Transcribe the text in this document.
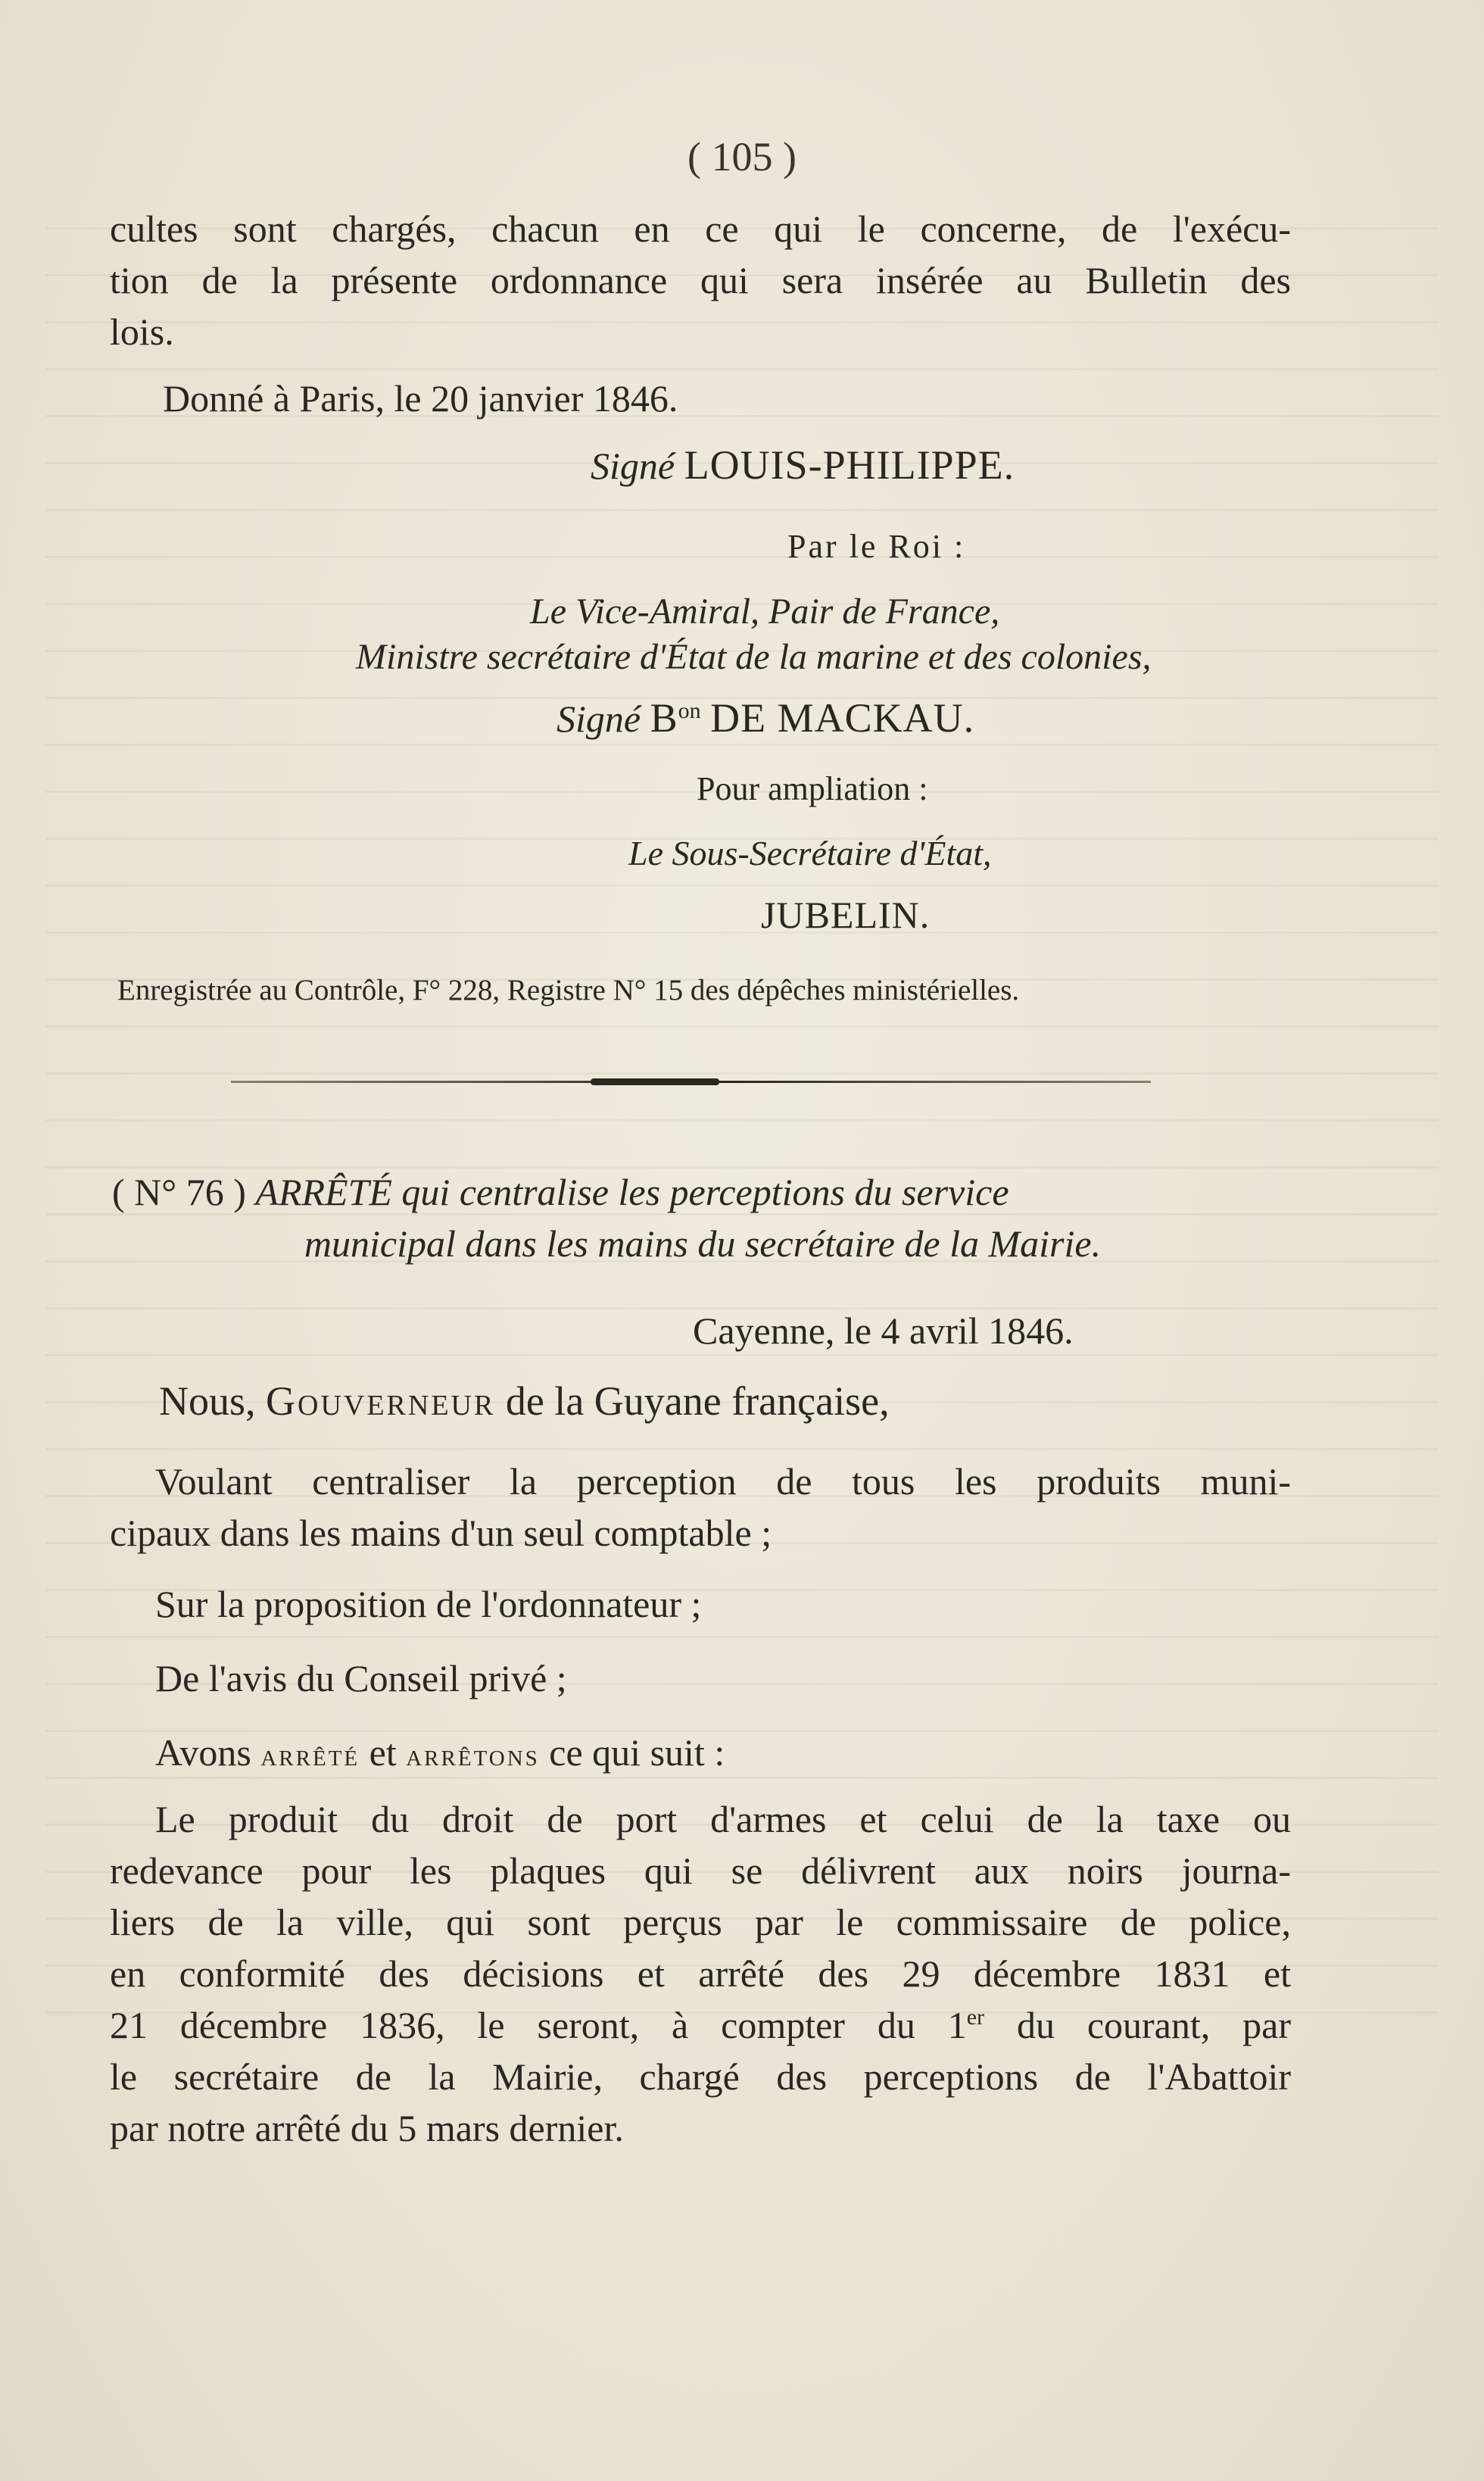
( 105 )
cultes sont chargés, chacun en ce qui le concerne, de l'exécu-
tion de la présente ordonnance qui sera insérée au Bulletin des
lois.
Donné à Paris, le 20 janvier 1846.
Signé LOUIS-PHILIPPE.
Par le Roi :
Le Vice-Amiral, Pair de France,
Ministre secrétaire d'État de la marine et des colonies,
Signé $B^{on}$ DE MACKAU.
Pour ampliation :
Le Sous-Secrétaire d'État,
JUBELIN.
Enregistrée au Contrôle, F° 228, Registre N° 15 des dépêches ministérielles.
( N° 76 ) ARRÊTÉ qui centralise les perceptions du service
municipal dans les mains du secrétaire de la Mairie.
Cayenne, le 4 avril 1846.
Nous, Gouverneur de la Guyane française,
Voulant centraliser la perception de tous les produits muni-
cipaux dans les mains d'un seul comptable ;
Sur la proposition de l'ordonnateur ;
De l'avis du Conseil privé ;
Avons arrêté et arrêtons ce qui suit :
Le produit du droit de port d'armes et celui de la taxe ou
redevance pour les plaques qui se délivrent aux noirs journa-
liers de la ville, qui sont perçus par le commissaire de police,
en conformité des décisions et arrêté des 29 décembre 1831 et
21 décembre 1836, le seront, à compter du 1er du courant, par
le secrétaire de la Mairie, chargé des perceptions de l'Abattoir
par notre arrêté du 5 mars dernier.
